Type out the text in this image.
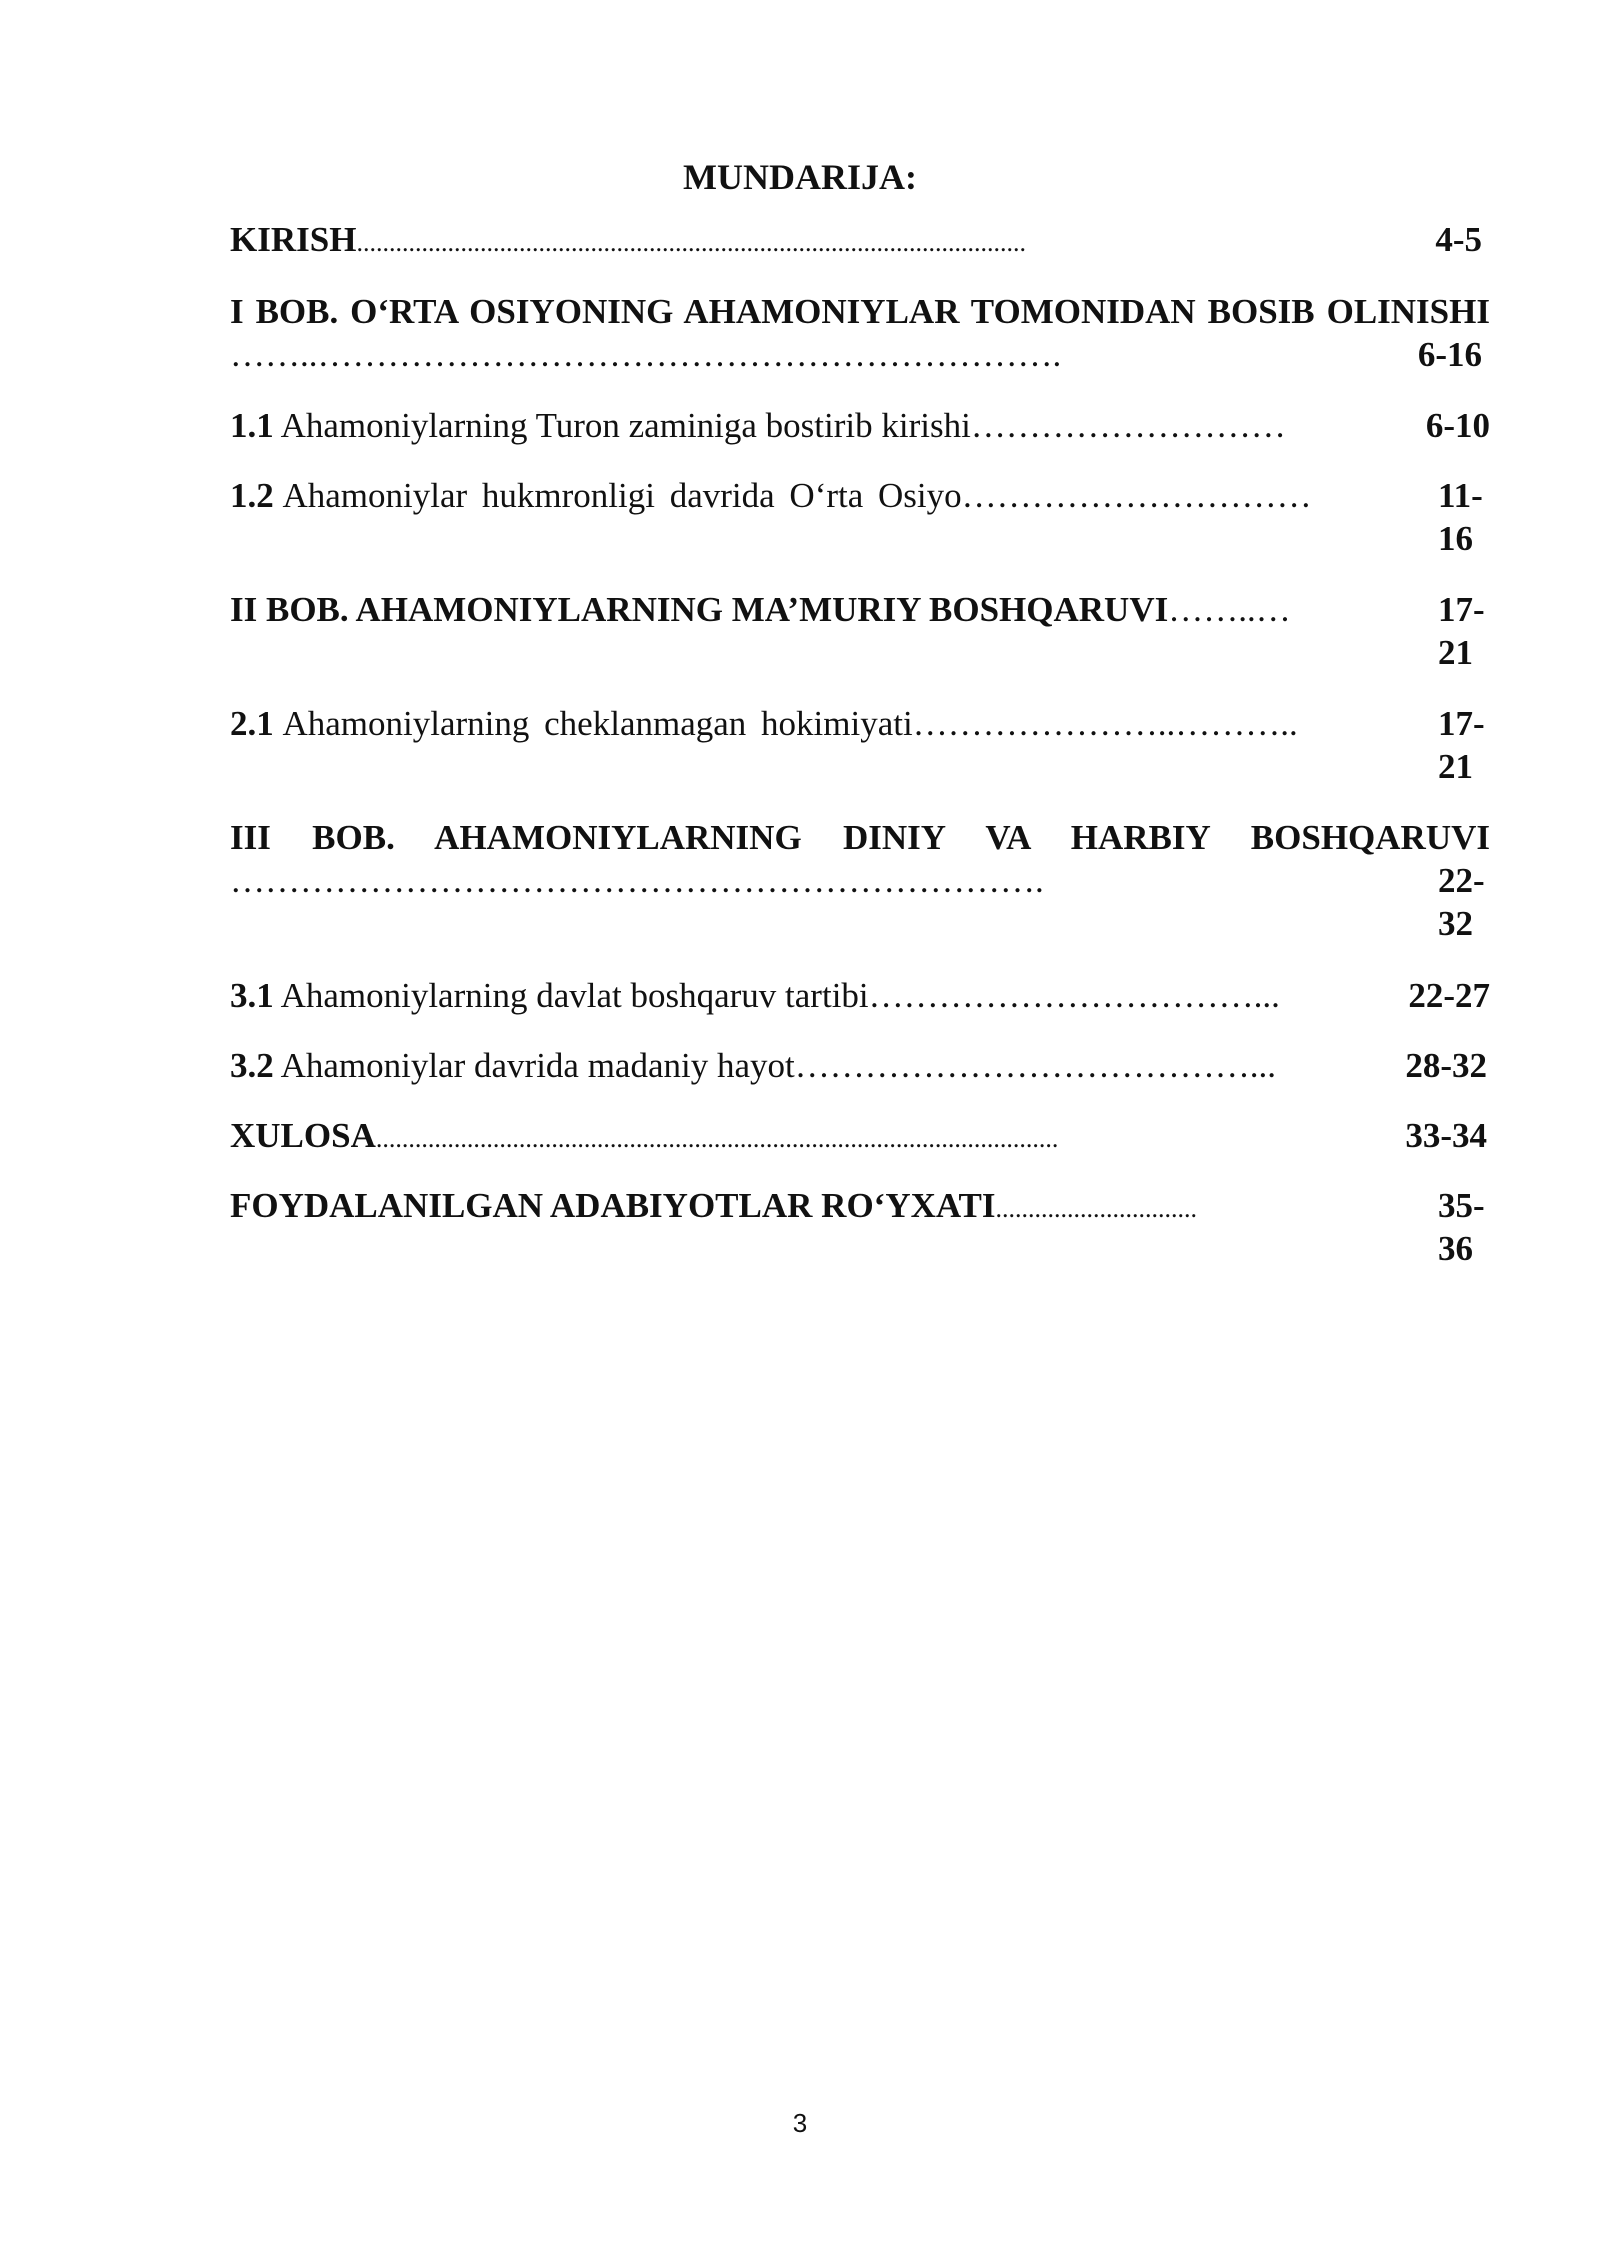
MUNDARIJA:

KIRISH.......................................................................................................	4-5

I BOB. O‘RTA OSIYONING AHAMONIYLAR TOMONIDAN BOSIB OLINISHI

……..……………………………………………………….	6-16

1.1 Ahamoniylarning Turon zaminiga bostirib kirishi………………………	6-10

1.2 Ahamoniylar hukmronligi davrida O‘rta Osiyo…………………………	11-16

II BOB. AHAMONIYLARNING MA’MURIY BOSHQARUVI……..…	17-21

2.1 Ahamoniylarning cheklanmagan hokimiyati…………………..………..	17-21

III BOB. AHAMONIYLARNING DINIY VA HARBIY BOSHQARUVI

…………………………………………………………….	22-32

3.1 Ahamoniylarning davlat boshqaruv tartibi……………………………...	22-27

3.2 Ahamoniylar davrida madaniy hayot…………………………………...	28-32

XULOSA.........................................................................................................	33-34

FOYDALANILGAN ADABIYOTLAR RO‘YXATI...............................	35-36

3
